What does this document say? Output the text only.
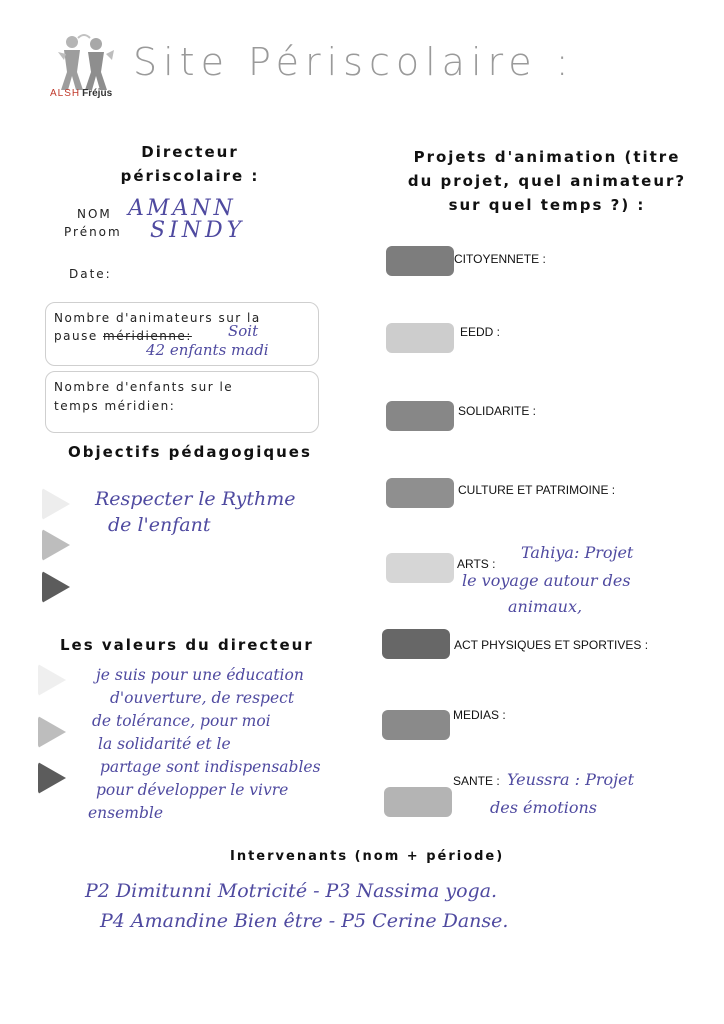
ALSH Fréjus
Site Périscolaire :
Directeur périscolaire :
NOM AMANN
Prénom SINDY
Date:
Nombre d'animateurs sur la
pause méridienne: Soit
42 enfants madi
Nombre d'enfants sur le
temps méridien:
Objectifs pédagogiques
Respecter le Rythme
de l'enfant
Les valeurs du directeur
je suis pour une éducation
d'ouverture, de respect
de tolérance, pour moi
la solidarité et le
partage sont indispensables
pour développer le vivre
ensemble
Projets d'animation (titre du projet, quel animateur? sur quel temps ?) :
CITOYENNETE :
EEDD :
SOLIDARITE :
CULTURE ET PATRIMOINE :
ARTS :
Tahiya: Projet
le voyage autour des
animaux,
ACT PHYSIQUES ET SPORTIVES :
MEDIAS :
SANTE : Yeussra : Projet
des émotions
Intervenants (nom + période)
P2 Dimitunni Motricité - P3 Nassima yoga.
P4 Amandine Bien être - P5 Cerine Danse.
